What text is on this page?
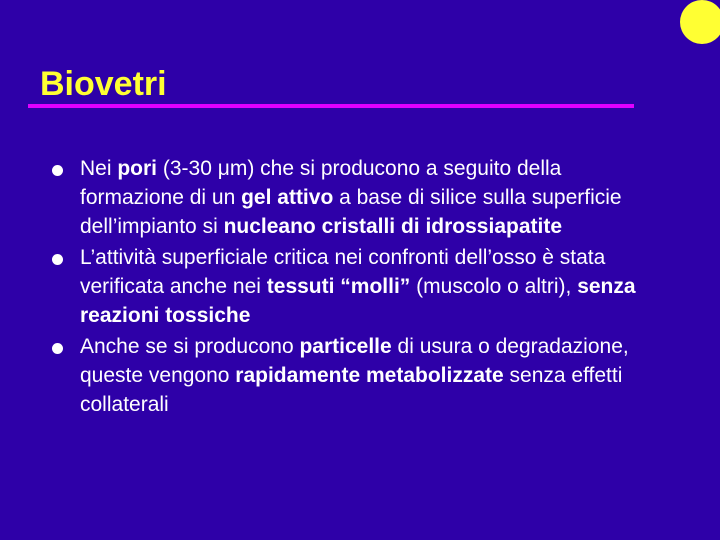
Biovetri
Nei pori (3-30 μm) che si producono a seguito della formazione di un gel attivo a base di silice sulla superficie dell’impianto si nucleano cristalli di idrossiapatite
L’attività superficiale critica nei confronti dell’osso è stata verificata anche nei tessuti “molli” (muscolo o altri), senza reazioni tossiche
Anche se si producono particelle di usura o degradazione, queste vengono rapidamente metabolizzate senza effetti collaterali
